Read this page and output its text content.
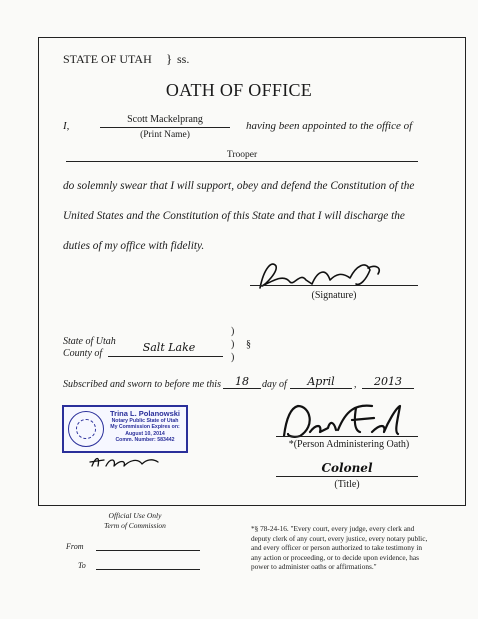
STATE OF UTAH } ss.
OATH OF OFFICE
I,
Scott Mackelprang
(Print Name)
having been appointed to the office of
Trooper
do solemnly swear that I will support, obey and defend the Constitution of the
United States and the Constitution of this State and that I will discharge the
duties of my office with fidelity.
(Signature)
State of Utah
County of	Salt Lake
)
)
)
§
Subscribed and sworn to before me this	18	day of	April	,	2013
Trina L. Polanowski
Notary Public State of Utah
My Commission Expires on:
August 10, 2014
Comm. Number: 583442	*(Person Administering Oath)
Colonel
(Title)
Official Use Only
Term of Commission
From
To
*§ 78-24-16. "Every court, every judge, every clerk and
deputy clerk of any court, every justice, every notary public,
and every officer or person authorized to take testimony in
any action or proceeding, or to decide upon evidence, has
power to administer oaths or affirmations."
